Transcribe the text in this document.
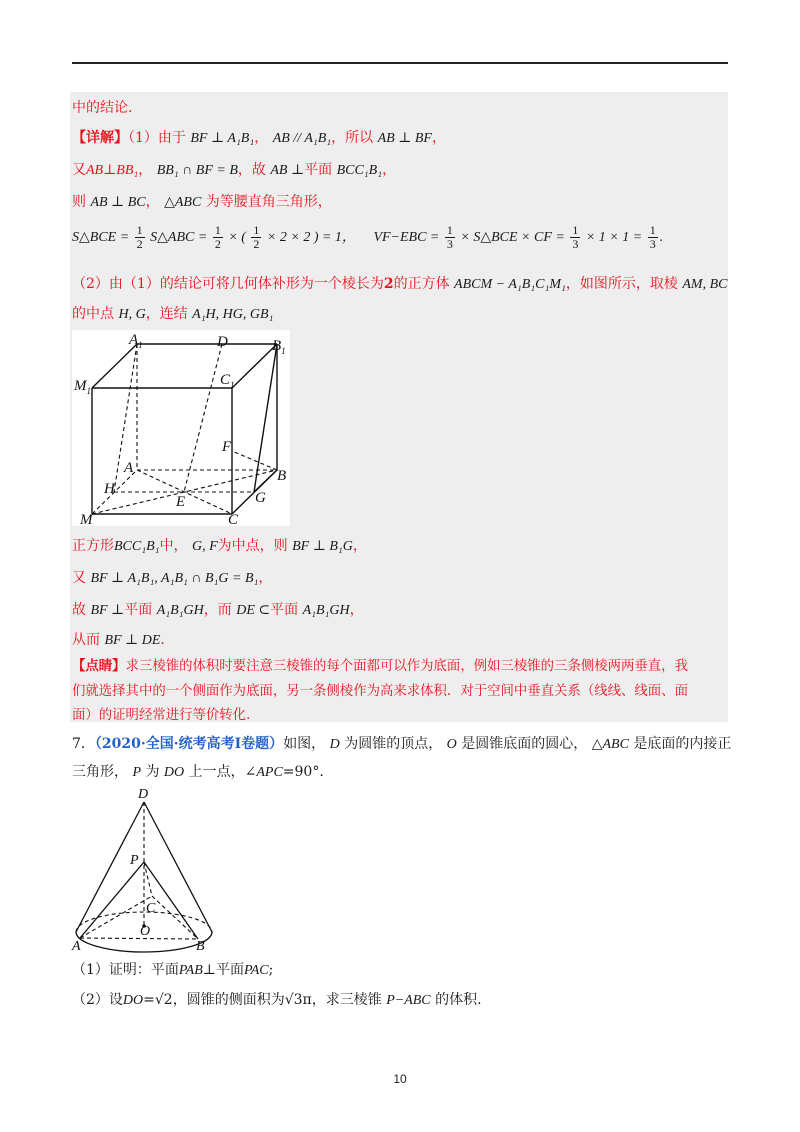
中的结论.
【详解】（1）由于 BF ⊥ A₁B₁， AB // A₁B₁，所以 AB ⊥ BF，
又AB⊥BB₁， BB₁ ∩ BF = B，故 AB ⊥平面 BCC₁B₁，
则 AB ⊥ BC， △ABC 为等腰直角三角形，
S△BCE = $\frac{1}{2}$ S△ABC = $\frac{1}{2}$ × ( $\frac{1}{2} \times 2 \times 2$ ) = 1， $VF-EBC = \frac{1}{3}$ × S△BCE × CF = $\frac{1}{3} \times 1 \times 1 = \frac{1}{3}$ .
（2）由（1）的结论可将几何体补形为一个棱长为2的正方体 ABCM − A₁B₁C₁M₁，如图所示，取棱 AM, BC
的中点 H, G，连结 A₁H, HG, GB₁
$A_1$	D	$B_1$
$C_1$
$M_1$
F
A	B
H
E	G
M	C
正方形BCC₁B₁中， G, F为中点，则 BF ⊥ B₁G，
又 BF ⊥ A₁B₁, A₁B₁ ∩ B₁G = B₁，
故 BF ⊥平面 A₁B₁GH，而 DE ⊂平面 A₁B₁GH，
从而 BF ⊥ DE.
【点睛】求三棱锥的体积时要注意三棱锥的每个面都可以作为底面，例如三棱锥的三条侧棱两两垂直，我
们就选择其中的一个侧面作为底面，另一条侧棱作为高来求体积．对于空间中垂直关系（线线、线面、面
面）的证明经常进行等价转化.
7．（2020·全国·统考高考Ⅰ卷题）如图， D 为圆锥的顶点， O 是圆锥底面的圆心， △ABC 是底面的内接正
三角形， P 为 DO 上一点，∠APC=90°.
D
P
C
O
A	B
（1）证明：平面PAB⊥平面PAC;
（2）设DO=√2，圆锥的侧面积为√3π，求三棱锥 P−ABC 的体积.
10
